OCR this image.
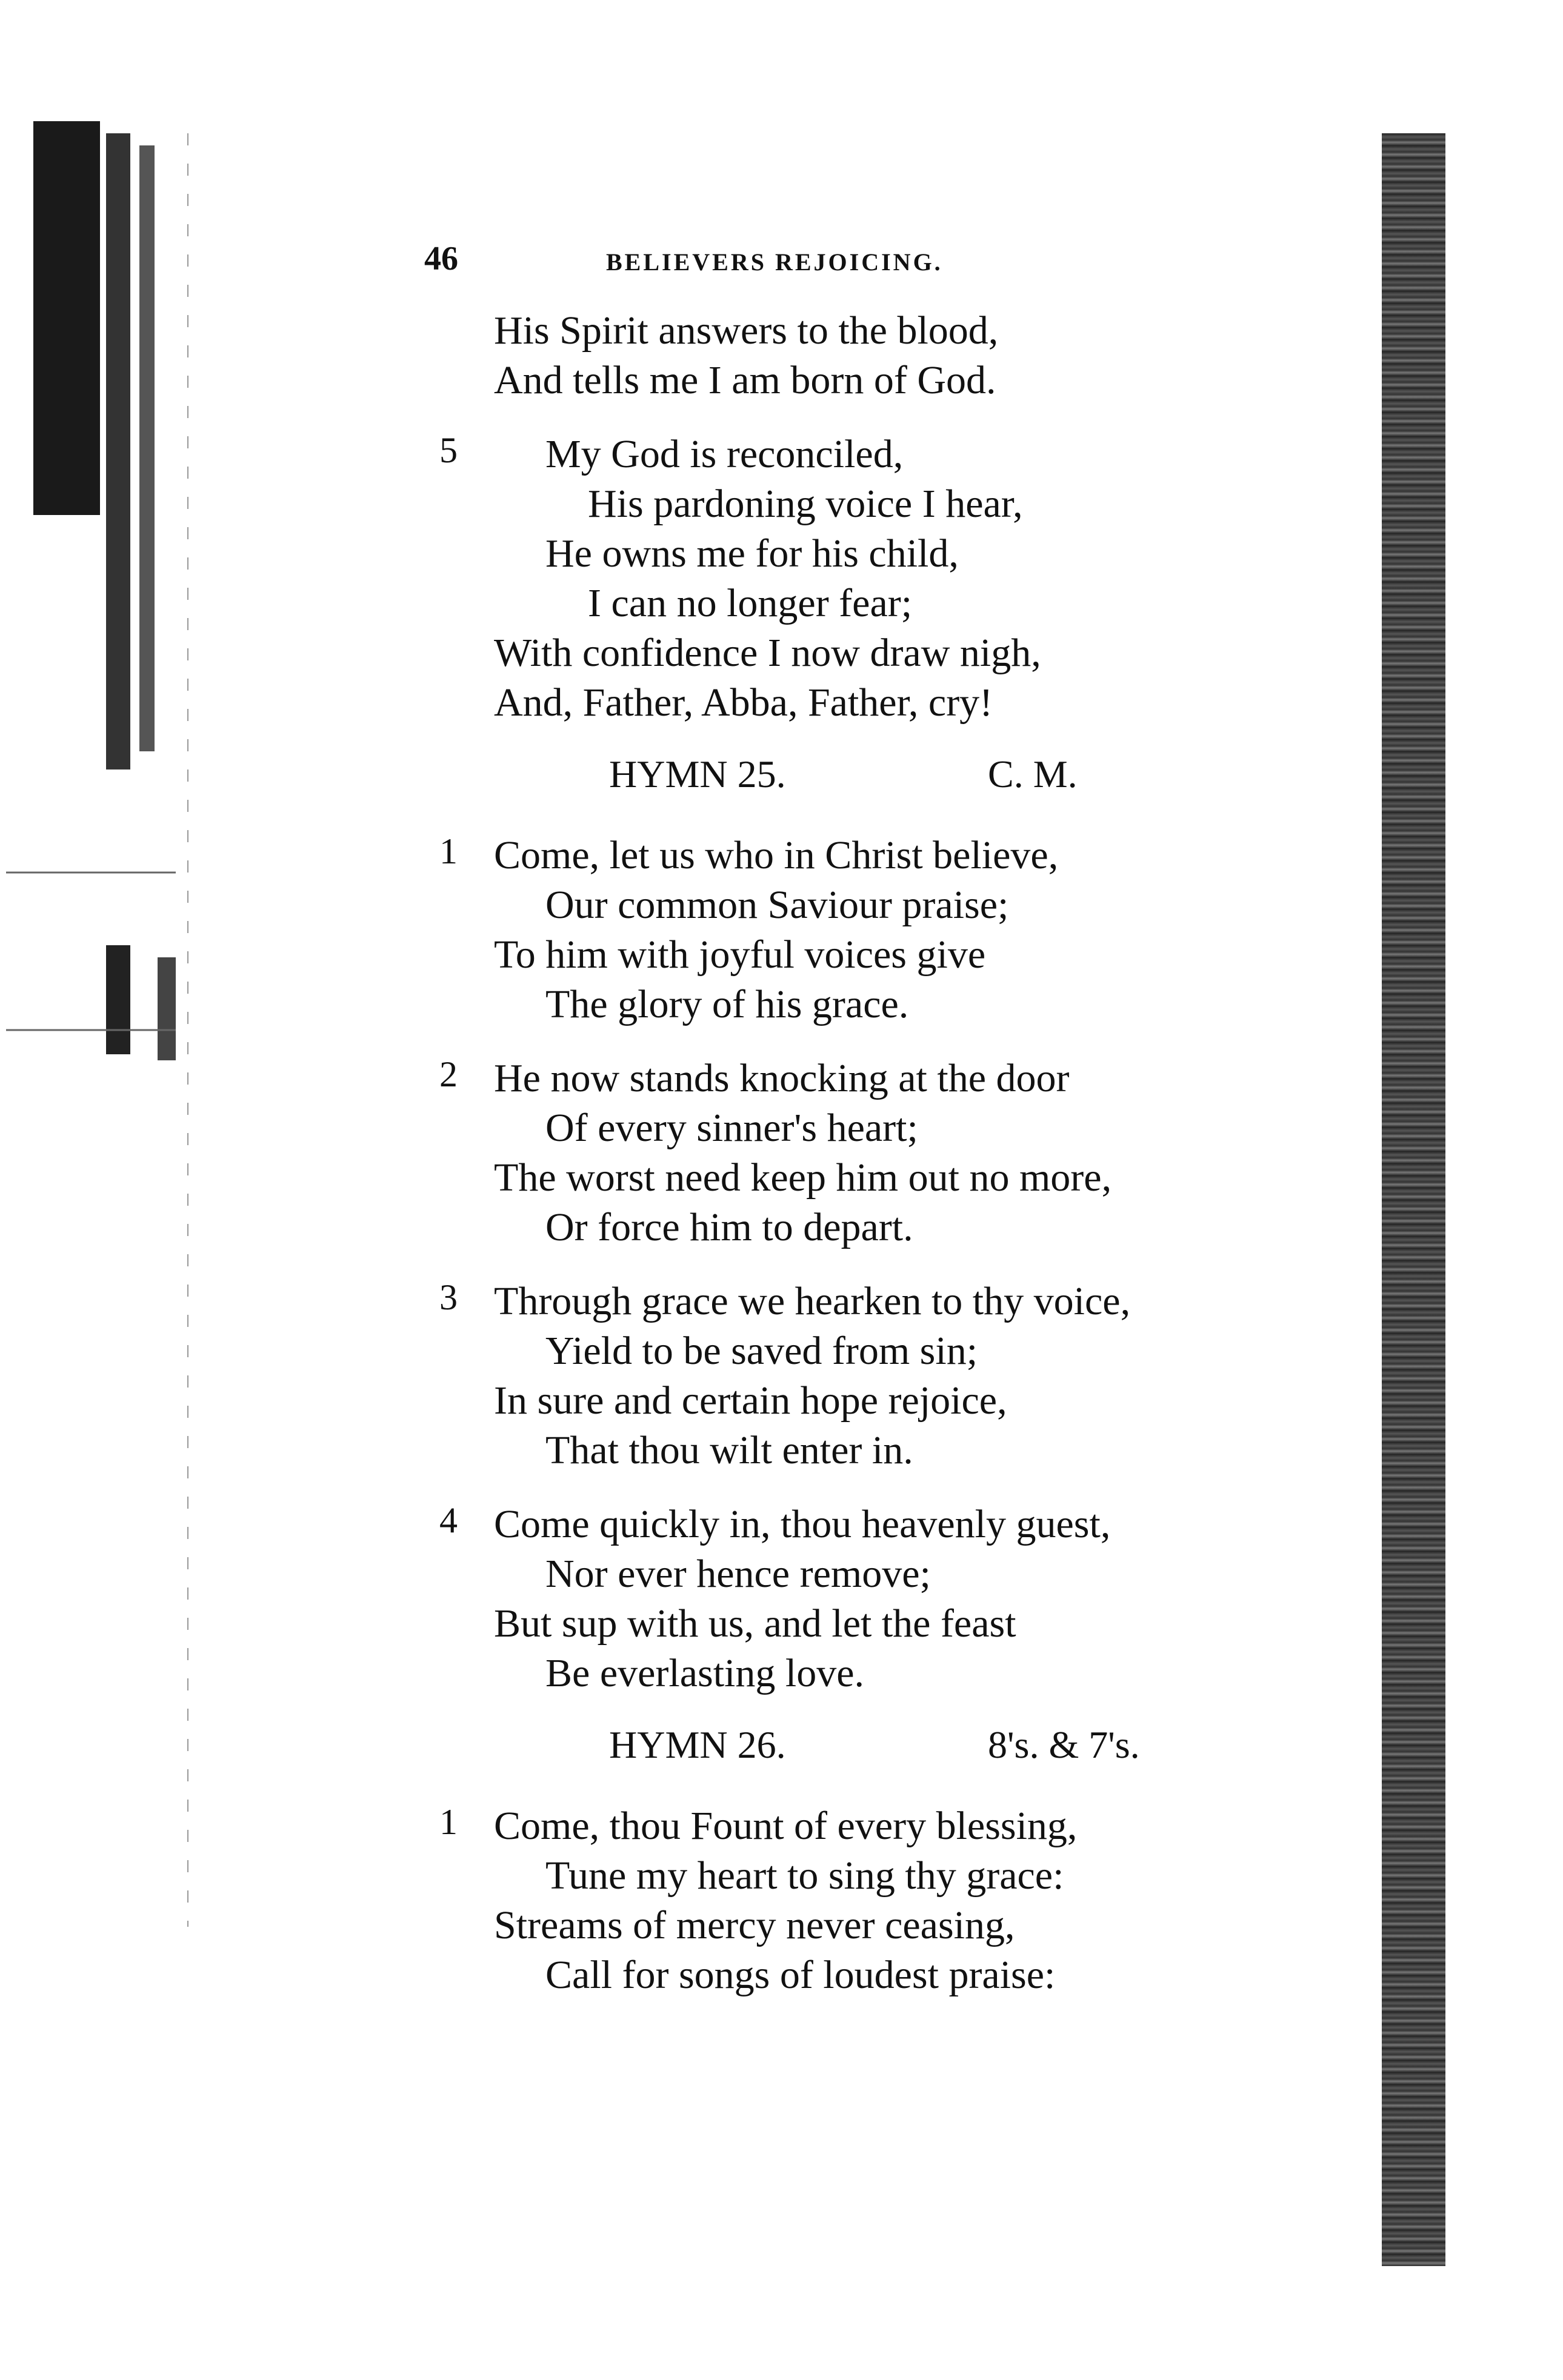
46	BELIEVERS REJOICING.
His Spirit answers to the blood,
And tells me I am born of God.
5	My God is reconciled,
His pardoning voice I hear,
He owns me for his child,
I can no longer fear;
With confidence I now draw nigh,
And, Father, Abba, Father, cry!
HYMN 25.	C. M.
1 Come, let us who in Christ believe,
Our common Saviour praise;
To him with joyful voices give
The glory of his grace.
2 He now stands knocking at the door
Of every sinner's heart;
The worst need keep him out no more,
Or force him to depart.
3 Through grace we hearken to thy voice,
Yield to be saved from sin;
In sure and certain hope rejoice,
That thou wilt enter in.
4 Come quickly in, thou heavenly guest,
Nor ever hence remove;
But sup with us, and let the feast
Be everlasting love.
HYMN 26.	8's. & 7's.
1 Come, thou Fount of every blessing,
Tune my heart to sing thy grace:
Streams of mercy never ceasing,
Call for songs of loudest praise:
